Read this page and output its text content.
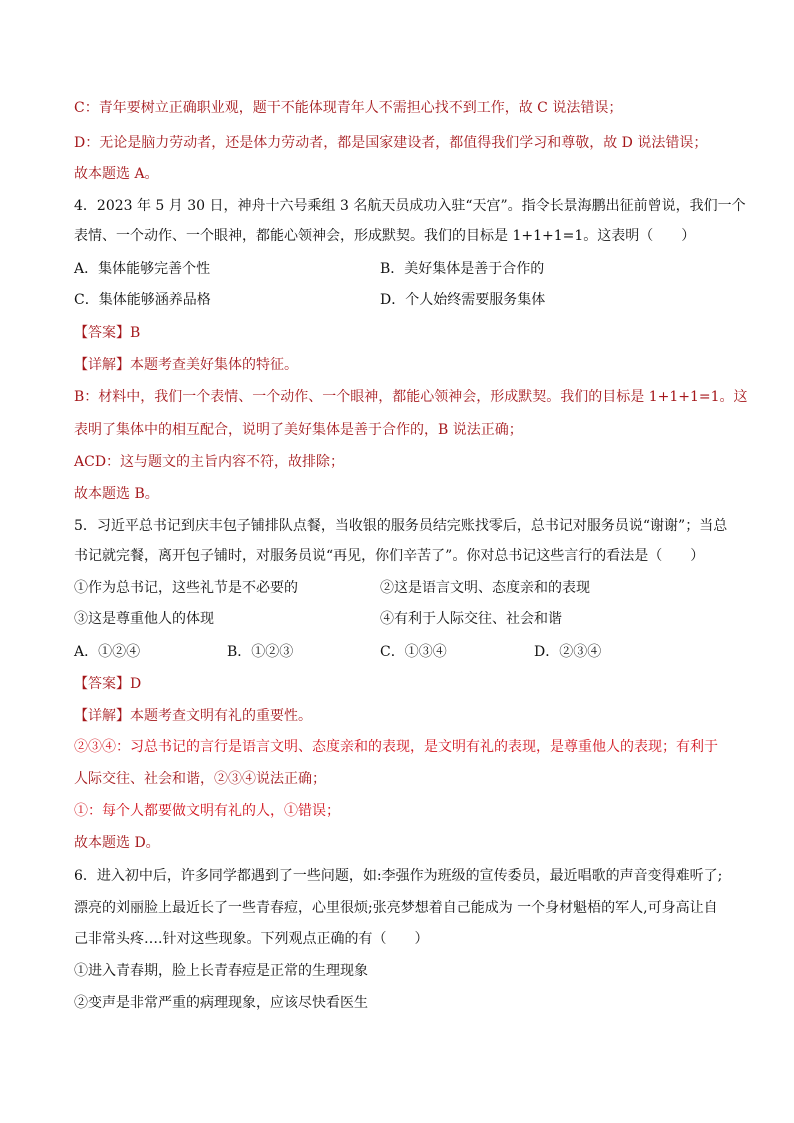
C：青年要树立正确职业观，题干不能体现青年人不需担心找不到工作，故 C 说法错误；
D：无论是脑力劳动者，还是体力劳动者，都是国家建设者，都值得我们学习和尊敬，故 D 说法错误；
故本题选 A。
4．2023 年 5 月 30 日，神舟十六号乘组 3 名航天员成功入驻“天宫”。指令长景海鹏出征前曾说，我们一个
表情、一个动作、一个眼神，都能心领神会，形成默契。我们的目标是 1+1+1=1。这表明（　　）
A．集体能够完善个性	B．美好集体是善于合作的
C．集体能够涵养品格	D．个人始终需要服务集体
【答案】B
【详解】本题考查美好集体的特征。
B：材料中，我们一个表情、一个动作、一个眼神，都能心领神会，形成默契。我们的目标是 1+1+1=1。这
表明了集体中的相互配合，说明了美好集体是善于合作的，B 说法正确；
ACD：这与题文的主旨内容不符，故排除；
故本题选 B。
5．习近平总书记到庆丰包子铺排队点餐，当收银的服务员结完账找零后，总书记对服务员说“谢谢”；当总
书记就完餐，离开包子铺时，对服务员说“再见，你们辛苦了”。你对总书记这些言行的看法是（　　）
①作为总书记，这些礼节是不必要的	②这是语言文明、态度亲和的表现
③这是尊重他人的体现	④有利于人际交往、社会和谐
A．①②④	B．①②③	C．①③④	D．②③④
【答案】D
【详解】本题考查文明有礼的重要性。
②③④：习总书记的言行是语言文明、态度亲和的表现，是文明有礼的表现，是尊重他人的表现；有利于
人际交往、社会和谐，②③④说法正确；
①：每个人都要做文明有礼的人，①错误；
故本题选 D。
6．进入初中后，许多同学都遇到了一些问题，如:李强作为班级的宣传委员，最近唱歌的声音变得难听了;
漂亮的刘丽脸上最近长了一些青春痘，心里很烦;张亮梦想着自己能成为 一个身材魁梧的军人,可身高让自
己非常头疼….针对这些现象。下列观点正确的有（　　）
①进入青春期，脸上长青春痘是正常的生理现象
②变声是非常严重的病理现象，应该尽快看医生
